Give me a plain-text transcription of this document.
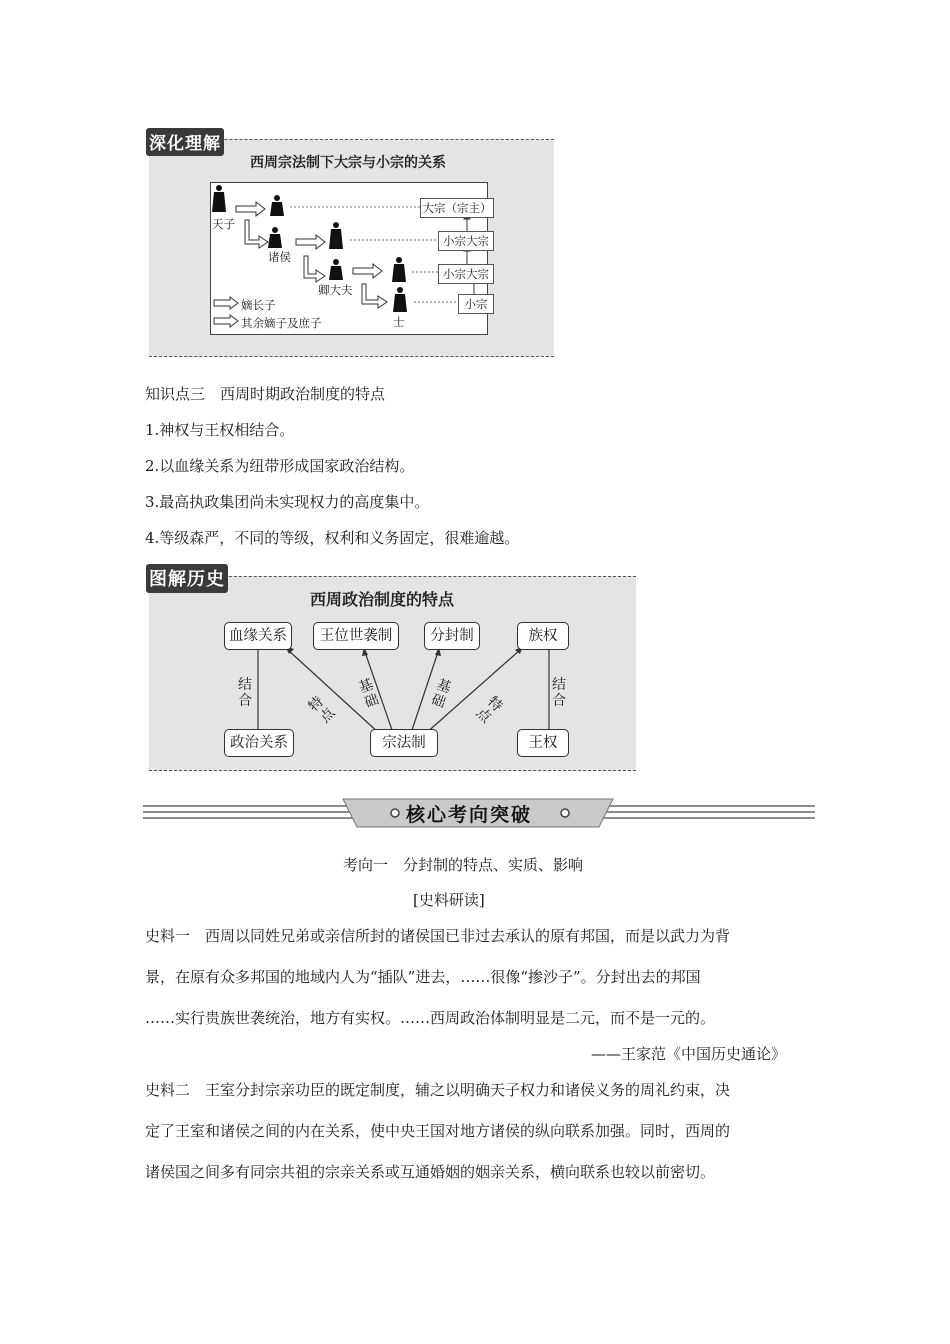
深化理解
西周宗法制下大宗与小宗的关系
大宗（宗主）
小宗大宗
小宗大宗
小宗
天子
诸侯
卿大夫
士
嫡长子
其余嫡子及庶子
知识点三　西周时期政治制度的特点
1.神权与王权相结合。
2.以血缘关系为纽带形成国家政治结构。
3.最高执政集团尚未实现权力的高度集中。
4.等级森严，不同的等级，权利和义务固定，很难逾越。
图解历史
西周政治制度的特点
血缘关系	王位世袭制	分封制	族权
政治关系	宗法制	王权
结合
结合
特点
基础
基础	特点
核心考向突破
考向一　分封制的特点、实质、影响
[史料研读]
史料一　西周以同姓兄弟或亲信所封的诸侯国已非过去承认的原有邦国，而是以武力为背
景，在原有众多邦国的地域内人为“插队”进去，……很像“掺沙子”。分封出去的邦国
……实行贵族世袭统治，地方有实权。……西周政治体制明显是二元，而不是一元的。
——王家范《中国历史通论》
史料二　王室分封宗亲功臣的既定制度，辅之以明确天子权力和诸侯义务的周礼约束，决
定了王室和诸侯之间的内在关系，使中央王国对地方诸侯的纵向联系加强。同时，西周的
诸侯国之间多有同宗共祖的宗亲关系或互通婚姻的姻亲关系，横向联系也较以前密切。
